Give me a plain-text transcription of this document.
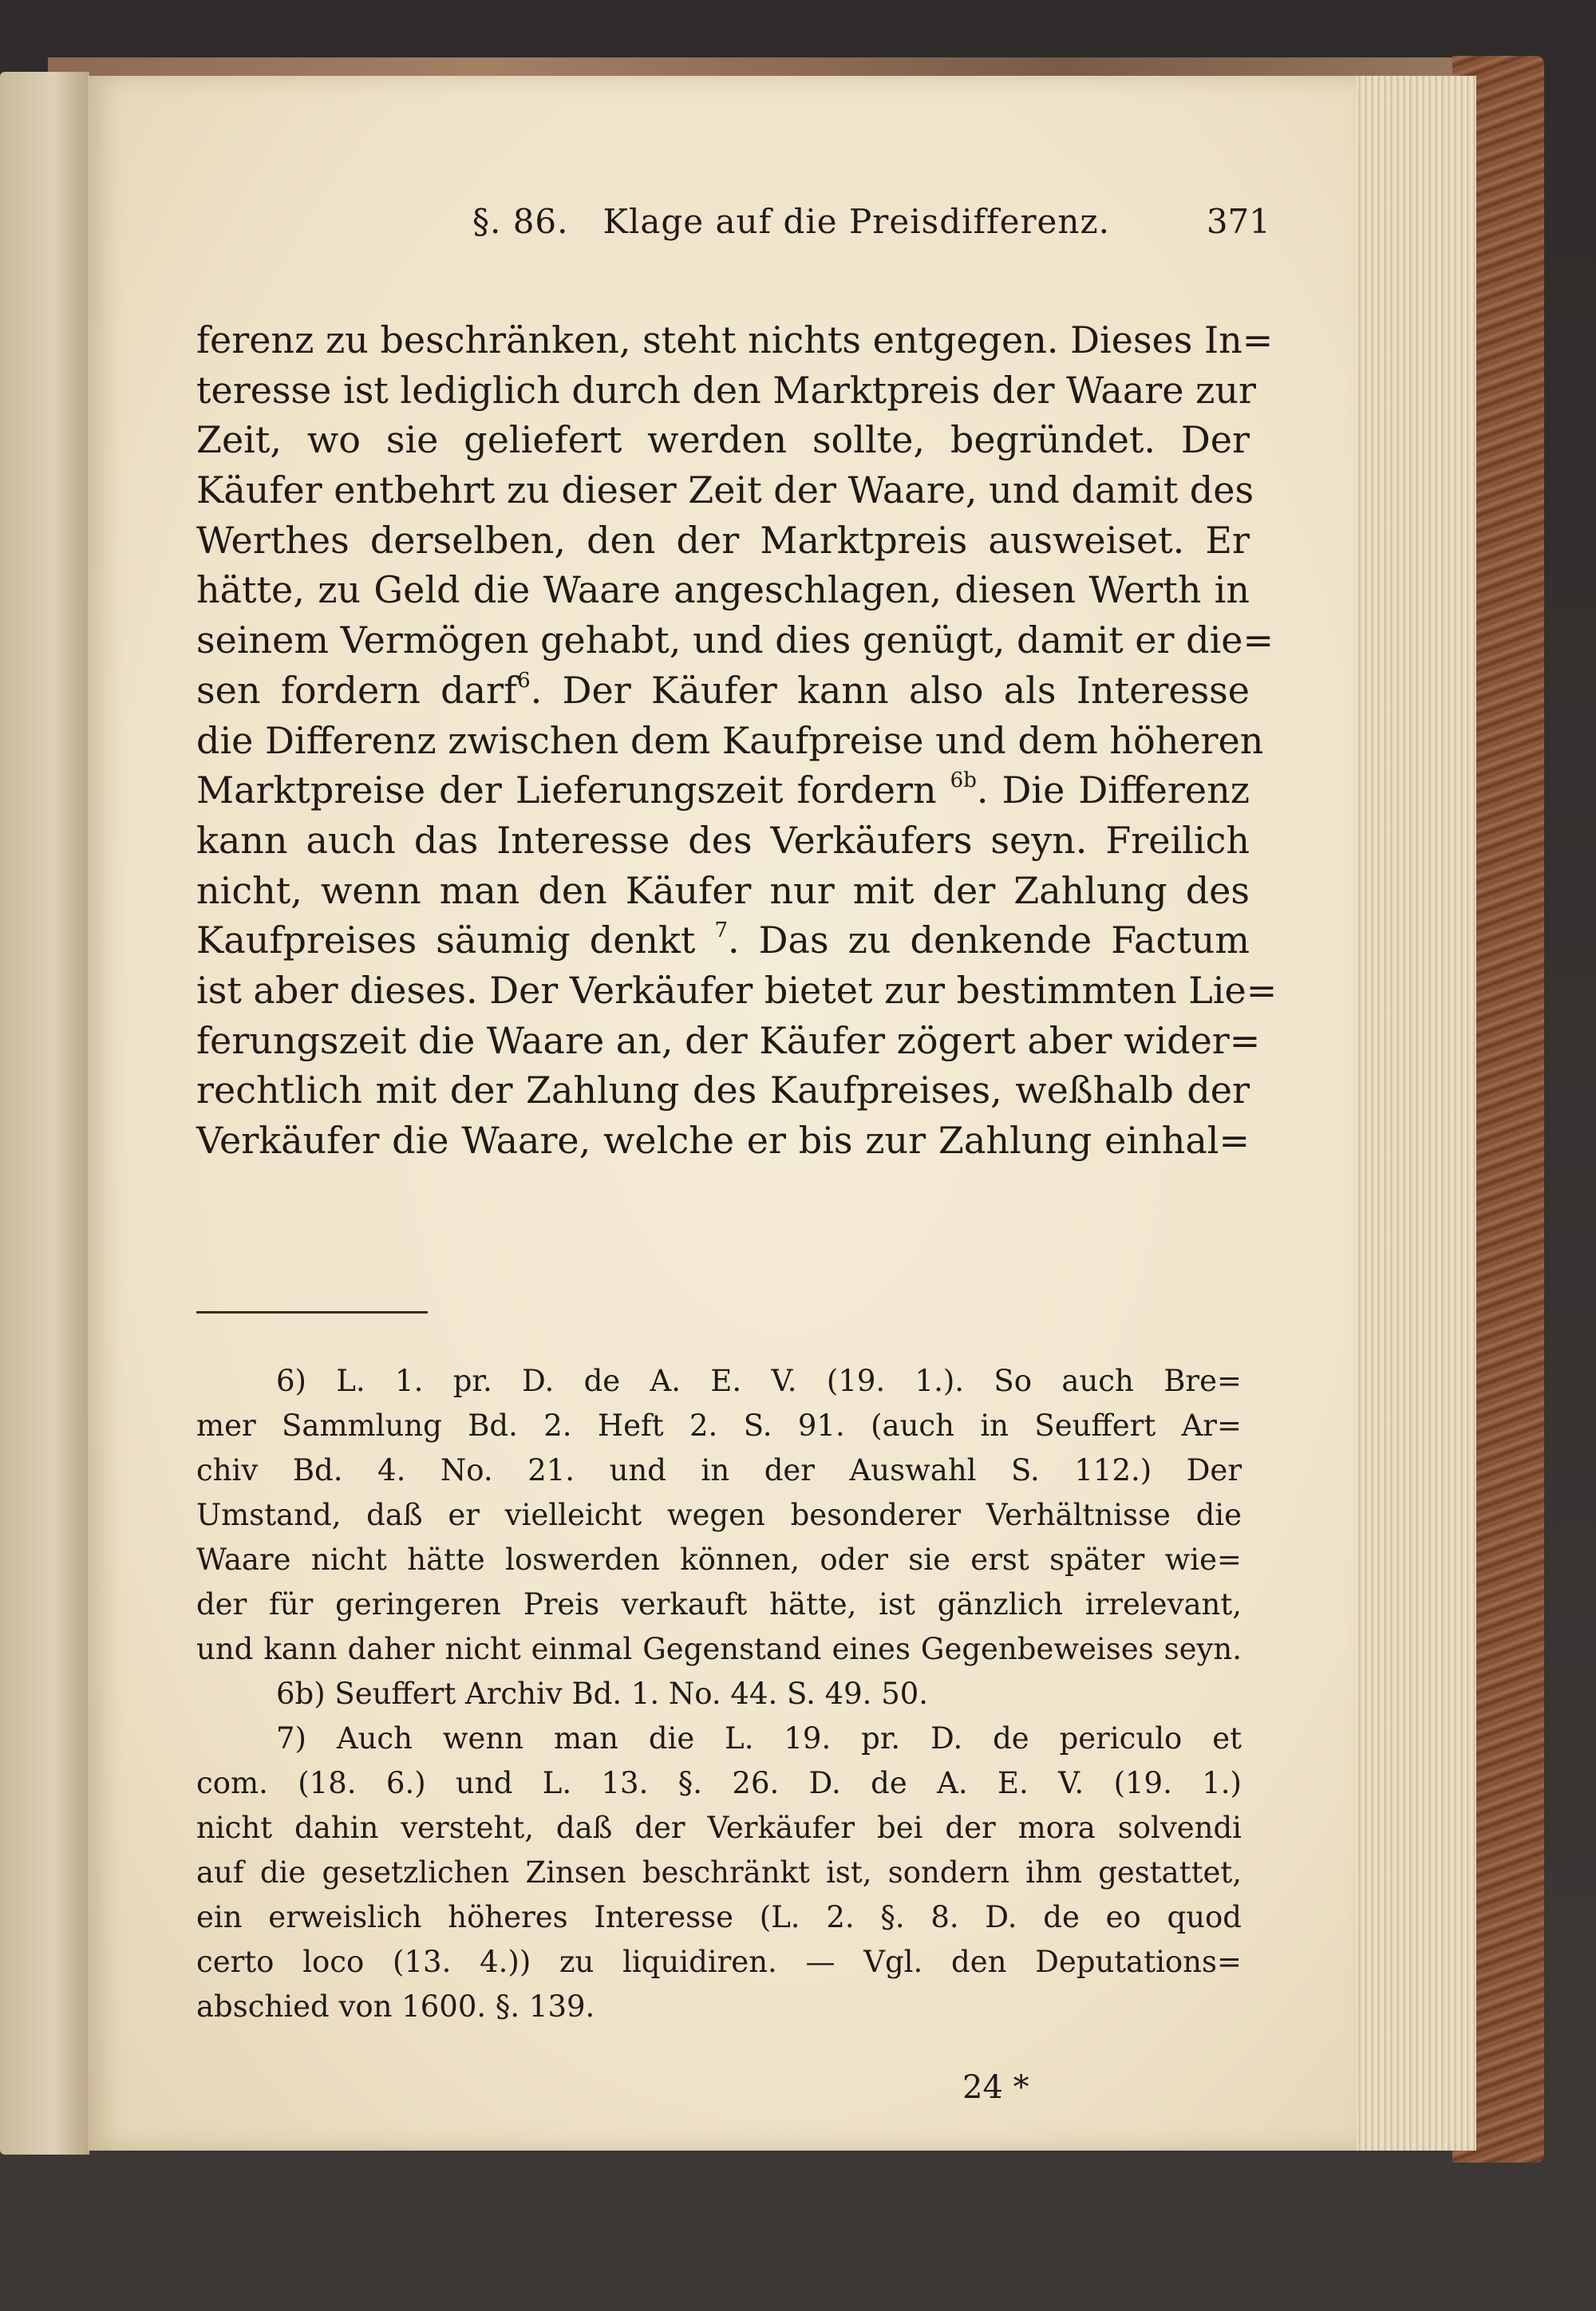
§. 86. Klage auf die Preisdifferenz.	371
ferenz zu beschränken, steht nichts entgegen. Dieses In=
teresse ist lediglich durch den Marktpreis der Waare zur
Zeit, wo sie geliefert werden sollte, begründet. Der
Käufer entbehrt zu dieser Zeit der Waare, und damit des
Werthes derselben, den der Marktpreis ausweiset. Er
hätte, zu Geld die Waare angeschlagen, diesen Werth in
seinem Vermögen gehabt, und dies genügt, damit er die=
sen fordern darf$^6$. Der Käufer kann also als Interesse
die Differenz zwischen dem Kaufpreise und dem höheren
Marktpreise der Lieferungszeit fordern $^{6b}$. Die Differenz
kann auch das Interesse des Verkäufers seyn. Freilich
nicht, wenn man den Käufer nur mit der Zahlung des
Kaufpreises säumig denkt $^7$. Das zu denkende Factum
ist aber dieses. Der Verkäufer bietet zur bestimmten Lie=
ferungszeit die Waare an, der Käufer zögert aber wider=
rechtlich mit der Zahlung des Kaufpreises, weßhalb der
Verkäufer die Waare, welche er bis zur Zahlung einhal=
6) L. 1. pr. D. de A. E. V. (19. 1.). So auch Bre=
mer Sammlung Bd. 2. Heft 2. S. 91. (auch in Seuffert Ar=
chiv Bd. 4. No. 21. und in der Auswahl S. 112.) Der
Umstand, daß er vielleicht wegen besonderer Verhältnisse die
Waare nicht hätte loswerden können, oder sie erst später wie=
der für geringeren Preis verkauft hätte, ist gänzlich irrelevant,
und kann daher nicht einmal Gegenstand eines Gegenbeweises seyn.
6b) Seuffert Archiv Bd. 1. No. 44. S. 49. 50.
7) Auch wenn man die L. 19. pr. D. de periculo et
com. (18. 6.) und L. 13. §. 26. D. de A. E. V. (19. 1.)
nicht dahin versteht, daß der Verkäufer bei der mora solvendi
auf die gesetzlichen Zinsen beschränkt ist, sondern ihm gestattet,
ein erweislich höheres Interesse (L. 2. §. 8. D. de eo quod
certo loco (13. 4.)) zu liquidiren. — Vgl. den Deputations=
abschied von 1600. §. 139.
24 *
